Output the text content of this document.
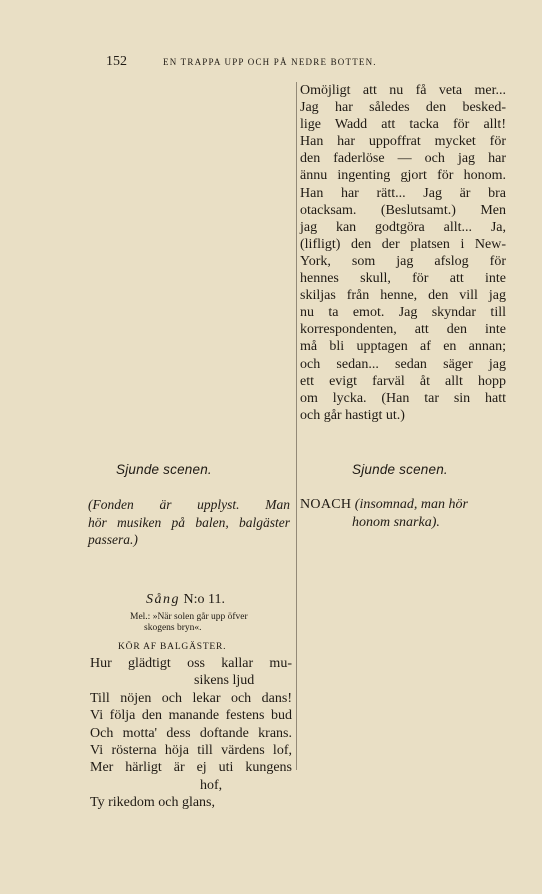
152	EN TRAPPA UPP OCH PÅ NEDRE BOTTEN.
Omöjligt att nu få veta mer...
Jag har således den besked-
lige Wadd att tacka för allt!
Han har uppoffrat mycket för
den faderlöse — och jag har
ännu ingenting gjort för honom.
Han har rätt... Jag är bra
otacksam. (Beslutsamt.) Men
jag kan godtgöra allt... Ja,
(lifligt) den der platsen i New-
York, som jag afslog för
hennes skull, för att inte
skiljas från henne, den vill jag
nu ta emot. Jag skyndar till
korrespondenten, att den inte
må bli upptagen af en annan;
och sedan... sedan säger jag
ett evigt farväl åt allt hopp
om lycka. (Han tar sin hatt
och går hastigt ut.)
Sjunde scenen.	Sjunde scenen.
(Fonden är upplyst. Man
hör musiken på balen, balgäster
passera.)
NOACH (insomnad, man hör
honom snarka).
Sång N:o 11.
Mel.: »När solen går upp öfver
skogens bryn«.
KÖR AF BALGÄSTER.
Hur glädtigt oss kallar mu-
sikens ljud
Till nöjen och lekar och dans!
Vi följa den manande festens bud
Och motta' dess doftande krans.
Vi rösterna höja till värdens lof,
Mer härligt är ej uti kungens
hof,
Ty rikedom och glans,
